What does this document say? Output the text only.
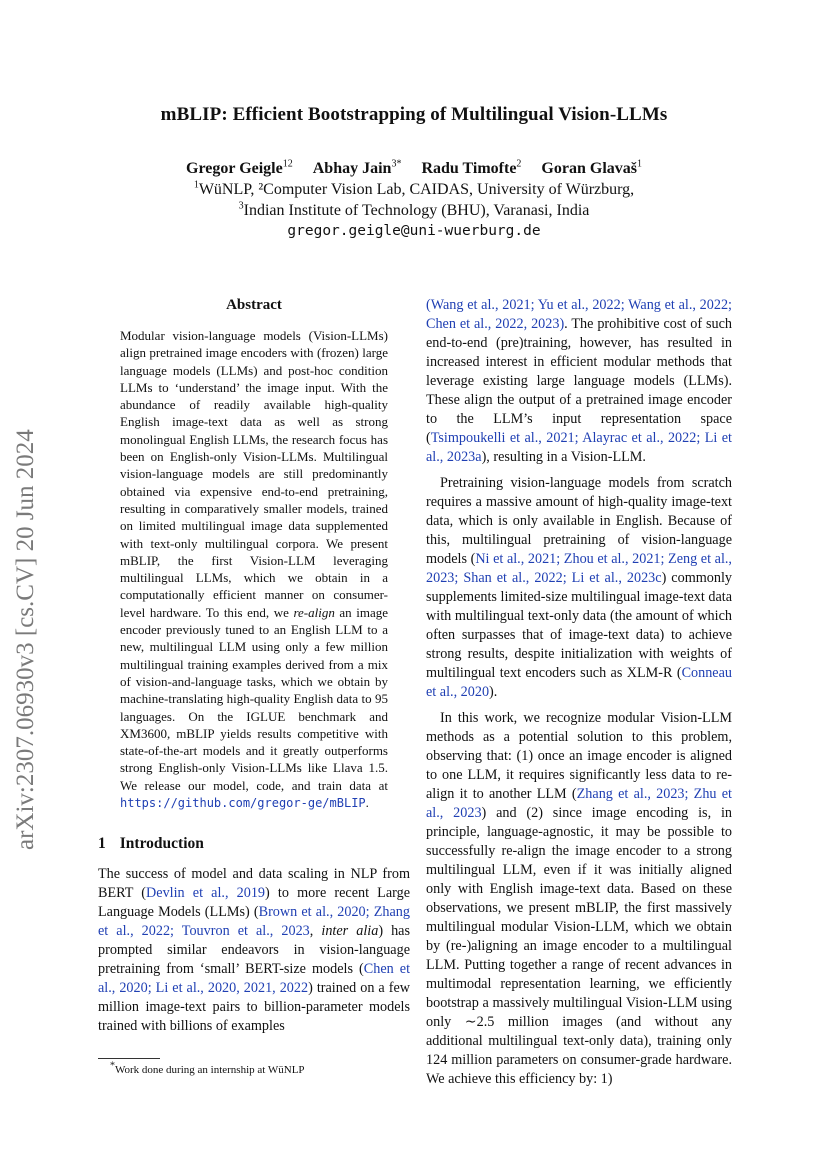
mBLIP: Efficient Bootstrapping of Multilingual Vision-LLMs
Gregor Geigle$^{12}$ Abhay Jain$^{3*}$ Radu Timofte$^2$ Goran Glavaš$^1$
$^1$WüNLP, ²Computer Vision Lab, CAIDAS, University of Würzburg,
$^3$Indian Institute of Technology (BHU), Varanasi, India
gregor.geigle@uni-wuerburg.de
arXiv:2307.06930v3 [cs.CV] 20 Jun 2024
Abstract
Modular vision-language models (Vision-LLMs) align pretrained image encoders with (frozen) large language models (LLMs) and post-hoc condition LLMs to ‘understand’ the image input. With the abundance of readily available high-quality English image-text data as well as strong monolingual English LLMs, the research focus has been on English-only Vision-LLMs. Multilingual vision-language models are still predominantly obtained via expensive end-to-end pretraining, resulting in comparatively smaller models, trained on limited multilingual image data supplemented with text-only multilingual corpora. We present mBLIP, the first Vision-LLM leveraging multilingual LLMs, which we obtain in a computationally efficient manner on consumer-level hardware. To this end, we re-align an image encoder previously tuned to an English LLM to a new, multilingual LLM using only a few million multilingual training examples derived from a mix of vision-and-language tasks, which we obtain by machine-translating high-quality English data to 95 languages. On the IGLUE benchmark and XM3600, mBLIP yields results competitive with state-of-the-art models and it greatly outperforms strong English-only Vision-LLMs like Llava 1.5. We release our model, code, and train data at https://github.com/gregor-ge/mBLIP.
1 Introduction

The success of model and data scaling in NLP from BERT (Devlin et al., 2019) to more recent Large Language Models (LLMs) (Brown et al., 2020; Zhang et al., 2022; Touvron et al., 2023, inter alia) has prompted similar endeavors in vision-language pretraining from ‘small’ BERT-size models (Chen et al., 2020; Li et al., 2020, 2021, 2022) trained on a few million image-text pairs to billion-parameter models trained with billions of examples

(Wang et al., 2021; Yu et al., 2022; Wang et al., 2022; Chen et al., 2022, 2023). The prohibitive cost of such end-to-end (pre)training, however, has resulted in increased interest in efficient modular methods that leverage existing large language models (LLMs). These align the output of a pretrained image encoder to the LLM’s input representation space (Tsimpoukelli et al., 2021; Alayrac et al., 2022; Li et al., 2023a), resulting in a Vision-LLM.

Pretraining vision-language models from scratch requires a massive amount of high-quality image-text data, which is only available in English. Because of this, multilingual pretraining of vision-language models (Ni et al., 2021; Zhou et al., 2021; Zeng et al., 2023; Shan et al., 2022; Li et al., 2023c) commonly supplements limited-size multilingual image-text data with multilingual text-only data (the amount of which often surpasses that of image-text data) to achieve strong results, despite initialization with weights of multilingual text encoders such as XLM-R (Conneau et al., 2020).

In this work, we recognize modular Vision-LLM methods as a potential solution to this problem, observing that: (1) once an image encoder is aligned to one LLM, it requires significantly less data to re-align it to another LLM (Zhang et al., 2023; Zhu et al., 2023) and (2) since image encoding is, in principle, language-agnostic, it may be possible to successfully re-align the image encoder to a strong multilingual LLM, even if it was initially aligned only with English image-text data. Based on these observations, we present mBLIP, the first massively multilingual modular Vision-LLM, which we obtain by (re-)aligning an image encoder to a multilingual LLM. Putting together a range of recent advances in multimodal representation learning, we efficiently bootstrap a massively multilingual Vision-LLM using only ∼2.5 million images (and without any additional multilingual text-only data), training only 124 million parameters on consumer-grade hardware. We achieve this efficiency by: 1)

*Work done during an internship at WüNLP
